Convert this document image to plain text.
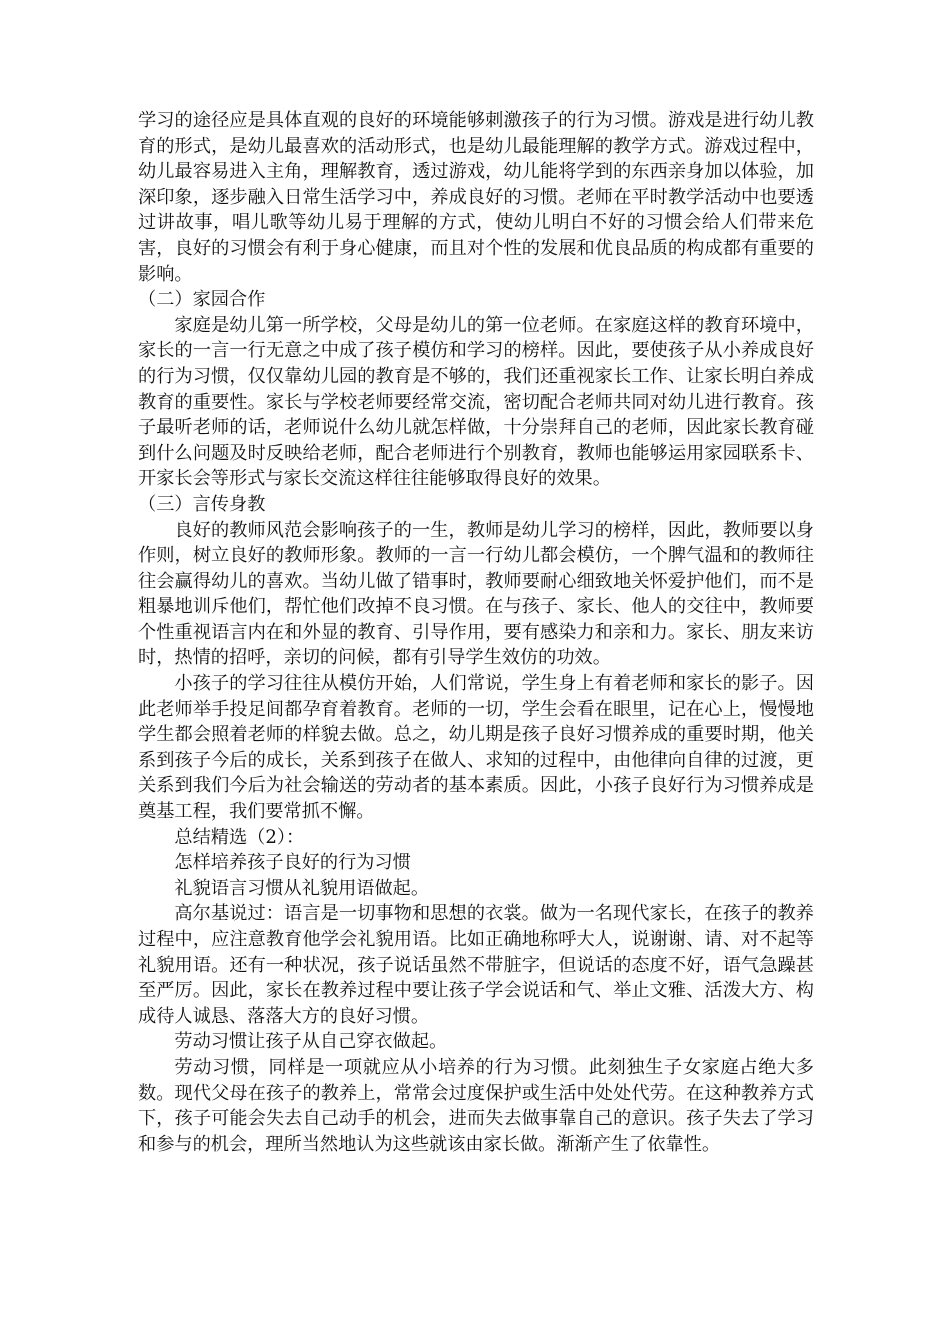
学习的途径应是具体直观的良好的环境能够刺激孩子的行为习惯。游戏是进行幼儿教育的形式，是幼儿最喜欢的活动形式，也是幼儿最能理解的教学方式。游戏过程中，幼儿最容易进入主角，理解教育，透过游戏，幼儿能将学到的东西亲身加以体验，加深印象，逐步融入日常生活学习中，养成良好的习惯。老师在平时教学活动中也要透过讲故事，唱儿歌等幼儿易于理解的方式，使幼儿明白不好的习惯会给人们带来危害，良好的习惯会有利于身心健康，而且对个性的发展和优良品质的构成都有重要的影响。

（二）家园合作

家庭是幼儿第一所学校，父母是幼儿的第一位老师。在家庭这样的教育环境中，家长的一言一行无意之中成了孩子模仿和学习的榜样。因此，要使孩子从小养成良好的行为习惯，仅仅靠幼儿园的教育是不够的，我们还重视家长工作、让家长明白养成教育的重要性。家长与学校老师要经常交流，密切配合老师共同对幼儿进行教育。孩子最听老师的话，老师说什么幼儿就怎样做，十分崇拜自己的老师，因此家长教育碰到什么问题及时反映给老师，配合老师进行个别教育，教师也能够运用家园联系卡、开家长会等形式与家长交流这样往往能够取得良好的效果。

（三）言传身教

良好的教师风范会影响孩子的一生，教师是幼儿学习的榜样，因此，教师要以身作则，树立良好的教师形象。教师的一言一行幼儿都会模仿，一个脾气温和的教师往往会赢得幼儿的喜欢。当幼儿做了错事时，教师要耐心细致地关怀爱护他们，而不是粗暴地训斥他们，帮忙他们改掉不良习惯。在与孩子、家长、他人的交往中，教师要个性重视语言内在和外显的教育、引导作用，要有感染力和亲和力。家长、朋友来访时，热情的招呼，亲切的问候，都有引导学生效仿的功效。

小孩子的学习往往从模仿开始，人们常说，学生身上有着老师和家长的影子。因此老师举手投足间都孕育着教育。老师的一切，学生会看在眼里，记在心上，慢慢地学生都会照着老师的样貌去做。总之，幼儿期是孩子良好习惯养成的重要时期，他关系到孩子今后的成长，关系到孩子在做人、求知的过程中，由他律向自律的过渡，更关系到我们今后为社会输送的劳动者的基本素质。因此，小孩子良好行为习惯养成是奠基工程，我们要常抓不懈。

总结精选（2）：

怎样培养孩子良好的行为习惯

礼貌语言习惯从礼貌用语做起。

高尔基说过：语言是一切事物和思想的衣裳。做为一名现代家长，在孩子的教养过程中，应注意教育他学会礼貌用语。比如正确地称呼大人，说谢谢、请、对不起等礼貌用语。还有一种状况，孩子说话虽然不带脏字，但说话的态度不好，语气急躁甚至严厉。因此，家长在教养过程中要让孩子学会说话和气、举止文雅、活泼大方、构成待人诚恳、落落大方的良好习惯。

劳动习惯让孩子从自己穿衣做起。

劳动习惯，同样是一项就应从小培养的行为习惯。此刻独生子女家庭占绝大多数。现代父母在孩子的教养上，常常会过度保护或生活中处处代劳。在这种教养方式下，孩子可能会失去自己动手的机会，进而失去做事靠自己的意识。孩子失去了学习和参与的机会，理所当然地认为这些就该由家长做。渐渐产生了依靠性。
